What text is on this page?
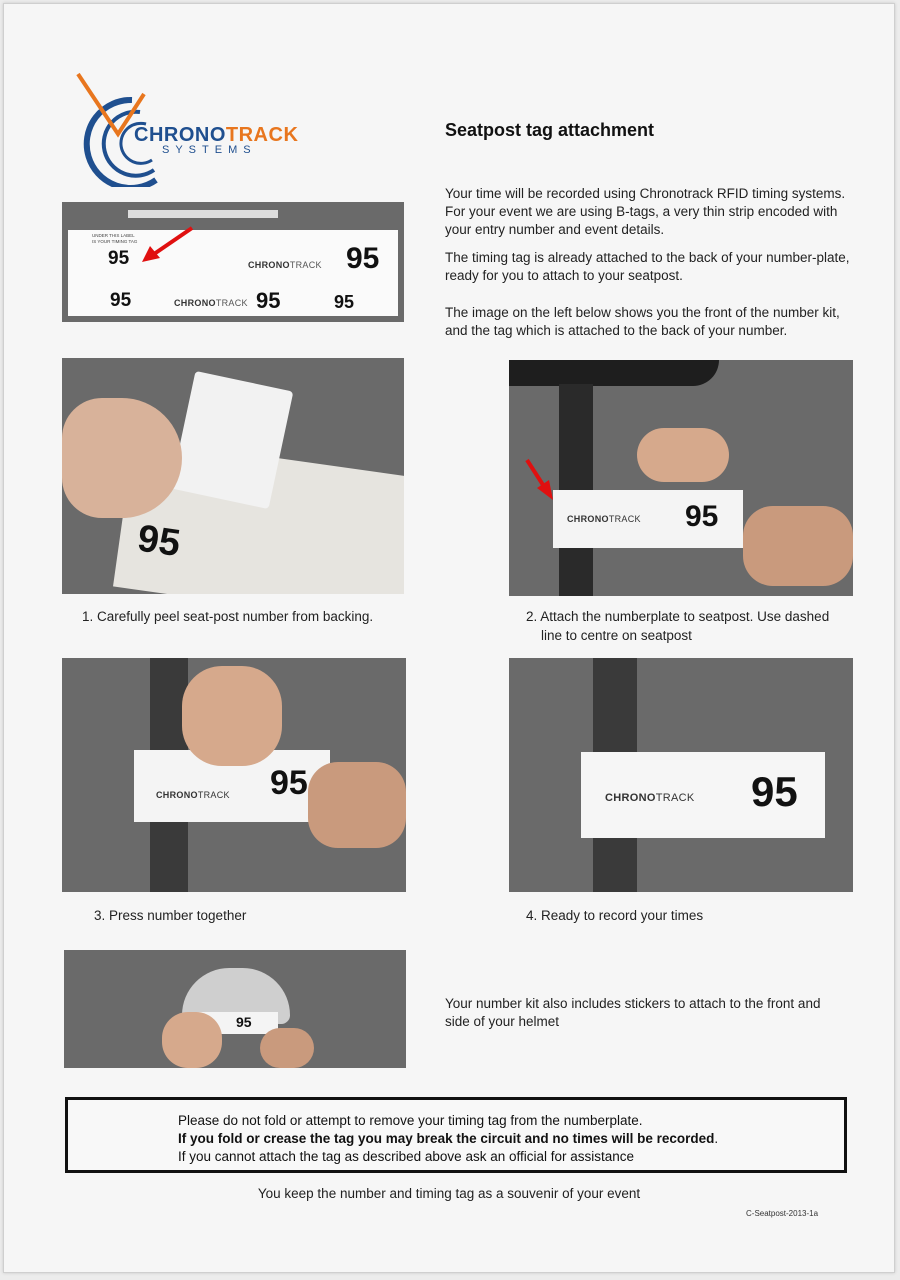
CHRONOTRACK
SYSTEMS
Seatpost tag attachment
Your time will be recorded using Chronotrack RFID timing systems. For your event we are using B-tags, a very thin strip encoded with your entry number and event details.
The timing tag is already attached to the back of your number-plate, ready for you to attach to your seatpost.
The image on the left below shows you the front of the number kit, and the tag which is attached to the back of your number.
UNDER THIS LABEL
IS YOUR TIMING TAG
95	CHRONOTRACK 95
95	CHRONOTRACK 95	95
95
1. Carefully peel seat-post number from backing.
CHRONOTRACK 95
2. Attach the numberplate to seatpost. Use dashed
line to centre on seatpost
CHRONOTRACK 95
3. Press number together
CHRONOTRACK 95
4. Ready to record your times
95
Your number kit also includes stickers to attach to the front and side of your helmet
Please do not fold or attempt to remove your timing tag from the numberplate.
If you fold or crease the tag you may break the circuit and no times will be recorded.
If you cannot attach the tag as described above ask an official for assistance
You keep the number and timing tag as a souvenir of your event
C-Seatpost-2013-1a
